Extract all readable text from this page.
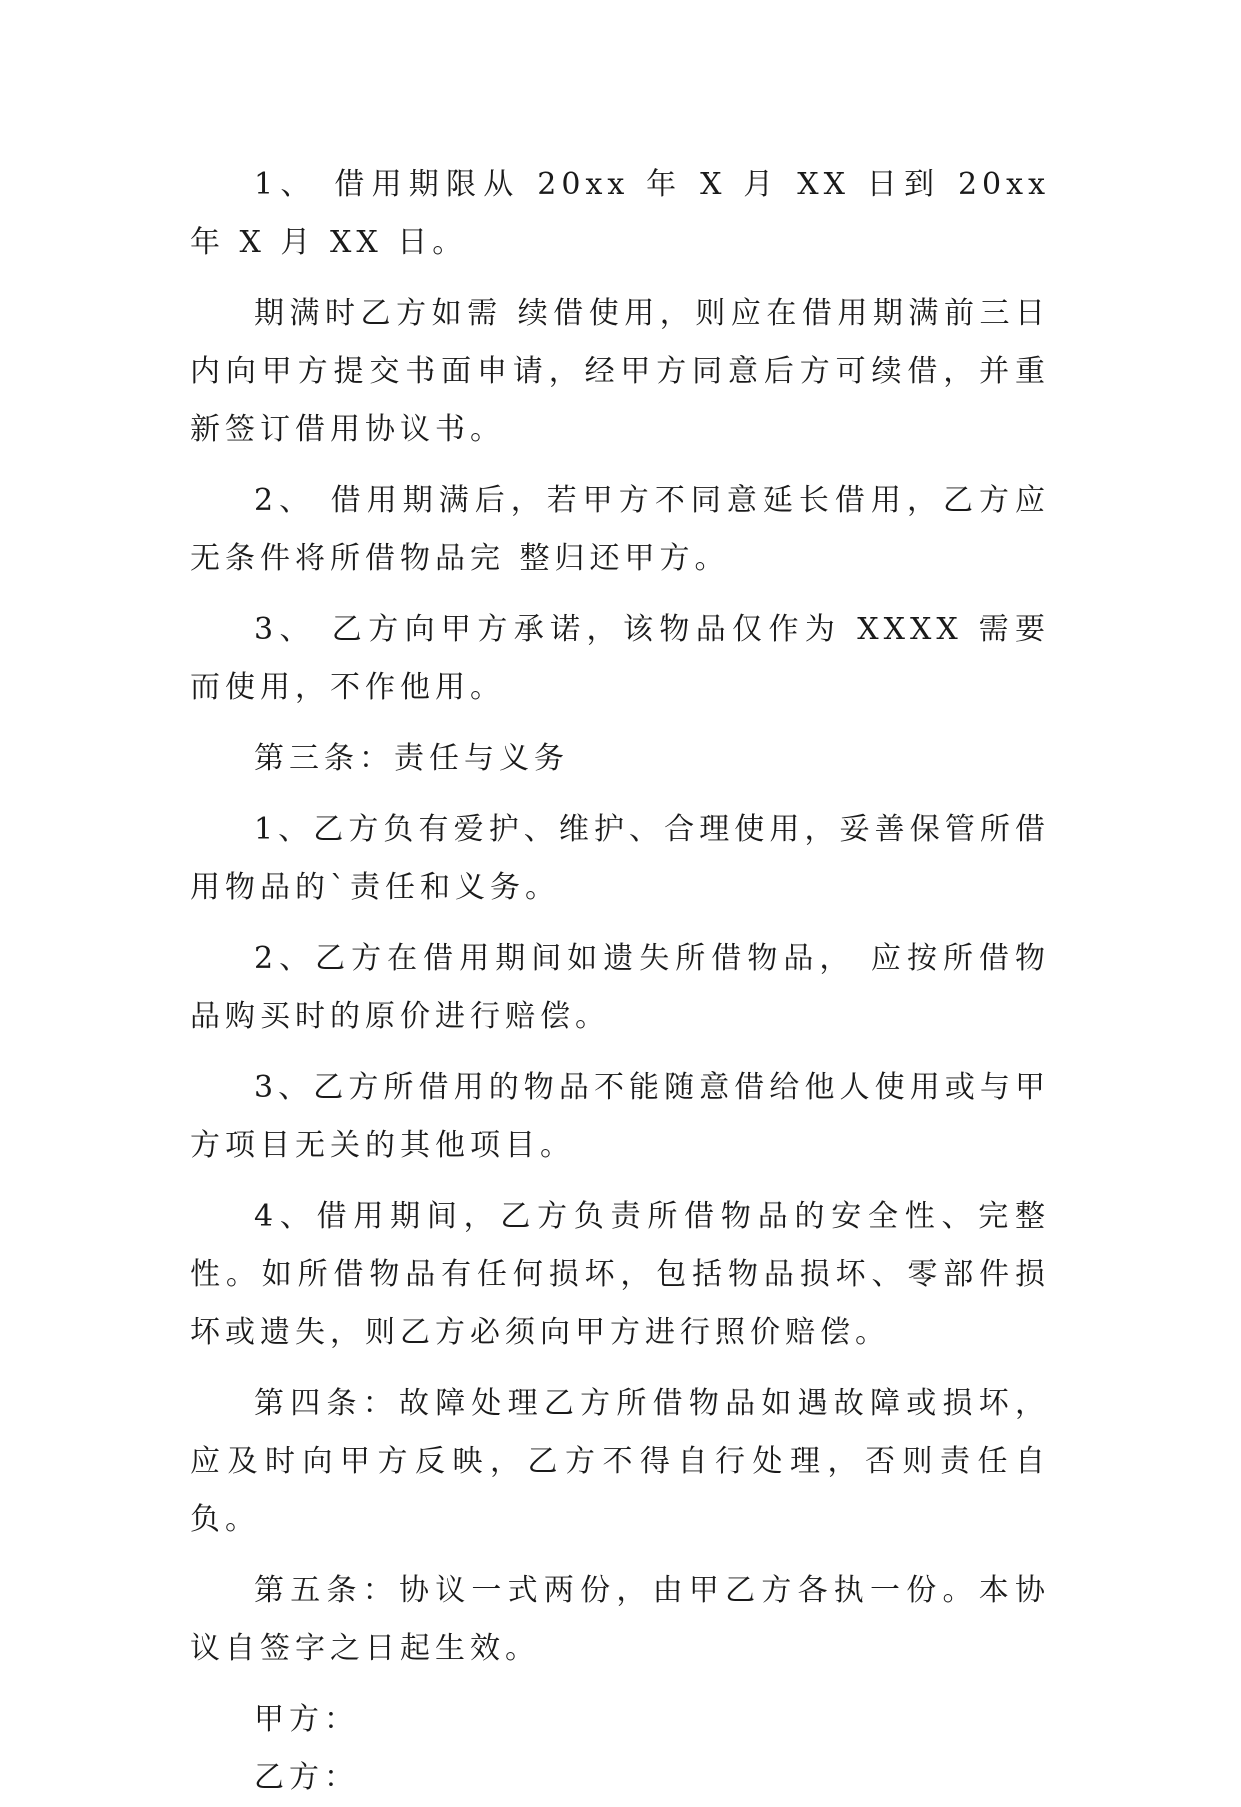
1、 借用期限从 20xx 年 X 月 XX 日到 20xx 年 X 月 XX 日。

期满时乙方如需 续借使用，则应在借用期满前三日内向甲方提交书面申请，经甲方同意后方可续借，并重新签订借用协议书。

2、 借用期满后，若甲方不同意延长借用，乙方应无条件将所借物品完 整归还甲方。

3、 乙方向甲方承诺，该物品仅作为 XXXX 需要而使用，不作他用。

第三条：责任与义务

1、乙方负有爱护、维护、合理使用，妥善保管所借用物品的`责任和义务。

2、乙方在借用期间如遗失所借物品， 应按所借物品购买时的原价进行赔偿。

3、乙方所借用的物品不能随意借给他人使用或与甲方项目无关的其他项目。

4、借用期间，乙方负责所借物品的安全性、完整性。如所借物品有任何损坏，包括物品损坏、零部件损坏或遗失，则乙方必须向甲方进行照价赔偿。

第四条：故障处理乙方所借物品如遇故障或损坏，应及时向甲方反映，乙方不得自行处理，否则责任自负。

第五条：协议一式两份，由甲乙方各执一份。本协议自签字之日起生效。

甲方：

乙方：
